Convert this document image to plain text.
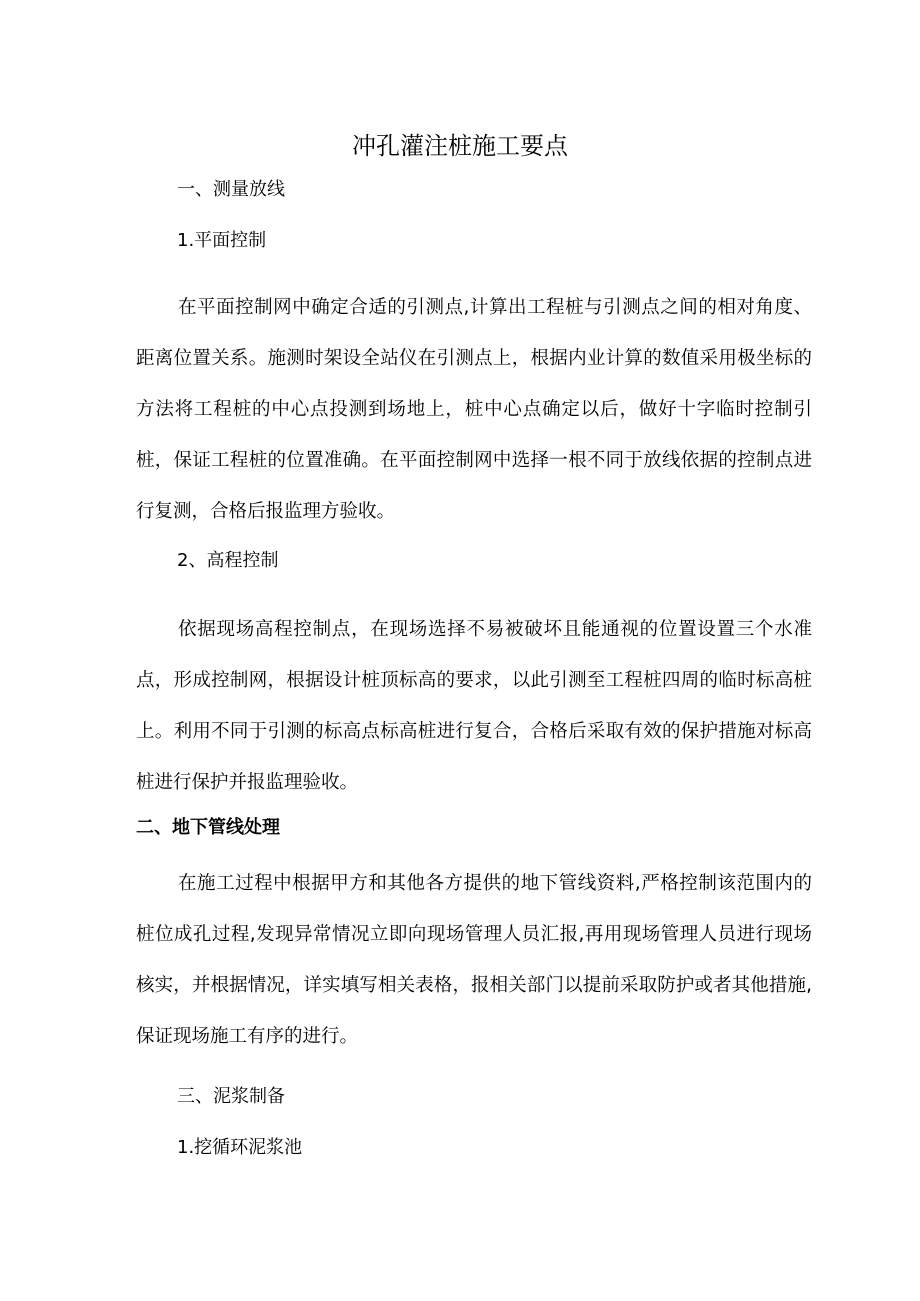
冲孔灌注桩施工要点
一、测量放线
1.平面控制

在平面控制网中确定合适的引测点,计算出工程桩与引测点之间的相对角度、距离位置关系。施测时架设全站仪在引测点上，根据内业计算的数值采用极坐标的方法将工程桩的中心点投测到场地上，桩中心点确定以后，做好十字临时控制引桩，保证工程桩的位置准确。在平面控制网中选择一根不同于放线依据的控制点进行复测，合格后报监理方验收。

2、高程控制

依据现场高程控制点，在现场选择不易被破坏且能通视的位置设置三个水准点，形成控制网，根据设计桩顶标高的要求，以此引测至工程桩四周的临时标高桩上。利用不同于引测的标高点标高桩进行复合，合格后采取有效的保护措施对标高桩进行保护并报监理验收。

二、地下管线处理

在施工过程中根据甲方和其他各方提供的地下管线资料,严格控制该范围内的桩位成孔过程,发现异常情况立即向现场管理人员汇报,再用现场管理人员进行现场核实，并根据情况，详实填写相关表格，报相关部门以提前采取防护或者其他措施,保证现场施工有序的进行。

三、泥浆制备
1.挖循环泥浆池
